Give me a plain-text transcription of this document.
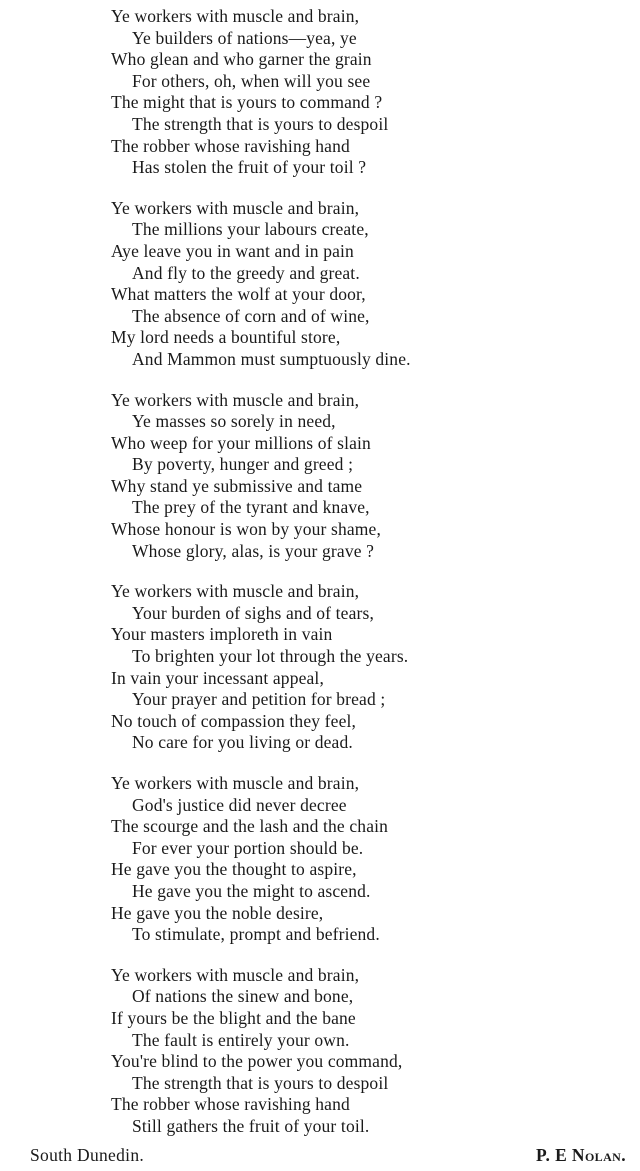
Ye workers with muscle and brain,
Ye builders of nations—yea, ye
Who glean and who garner the grain
For others, oh, when will you see
The might that is yours to command ?
The strength that is yours to despoil
The robber whose ravishing hand
Has stolen the fruit of your toil ?
Ye workers with muscle and brain,
The millions your labours create,
Aye leave you in want and in pain
And fly to the greedy and great.
What matters the wolf at your door,
The absence of corn and of wine,
My lord needs a bountiful store,
And Mammon must sumptuously dine.
Ye workers with muscle and brain,
Ye masses so sorely in need,
Who weep for your millions of slain
By poverty, hunger and greed ;
Why stand ye submissive and tame
The prey of the tyrant and knave,
Whose honour is won by your shame,
Whose glory, alas, is your grave ?
Ye workers with muscle and brain,
Your burden of sighs and of tears,
Your masters imploreth in vain
To brighten your lot through the years.
In vain your incessant appeal,
Your prayer and petition for bread ;
No touch of compassion they feel,
No care for you living or dead.
Ye workers with muscle and brain,
God's justice did never decree
The scourge and the lash and the chain
For ever your portion should be.
He gave you the thought to aspire,
He gave you the might to ascend.
He gave you the noble desire,
To stimulate, prompt and befriend.
Ye workers with muscle and brain,
Of nations the sinew and bone,
If yours be the blight and the bane
The fault is entirely your own.
You're blind to the power you command,
The strength that is yours to despoil
The robber whose ravishing hand
Still gathers the fruit of your toil.
South Dunedin.	P. E Nolan.
